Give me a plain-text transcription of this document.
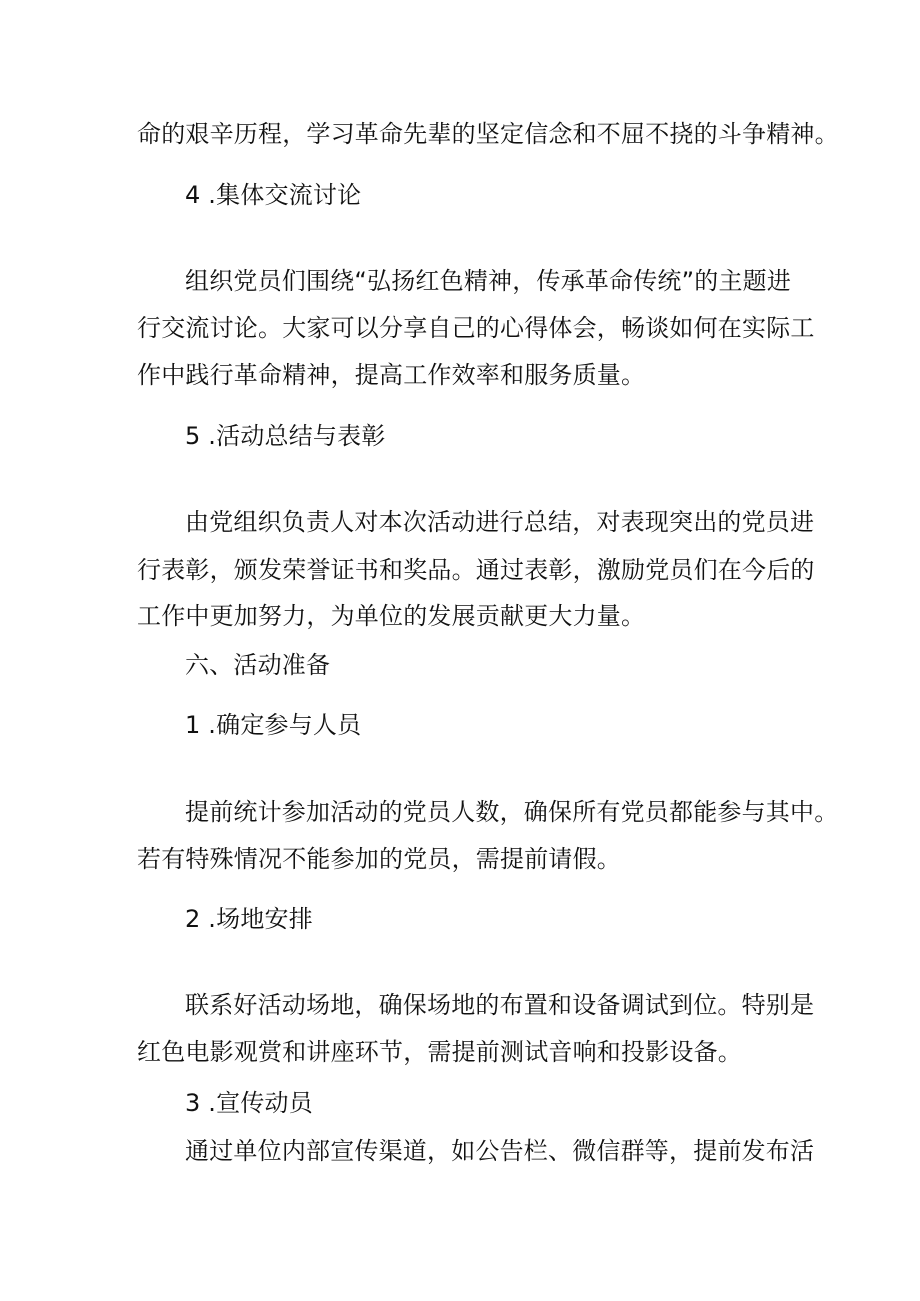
命的艰辛历程，学习革命先辈的坚定信念和不屈不挠的斗争精神。
4 .集体交流讨论
组织党员们围绕“弘扬红色精神，传承革命传统”的主题进
行交流讨论。大家可以分享自己的心得体会，畅谈如何在实际工
作中践行革命精神，提高工作效率和服务质量。
5 .活动总结与表彰
由党组织负责人对本次活动进行总结，对表现突出的党员进
行表彰，颁发荣誉证书和奖品。通过表彰，激励党员们在今后的
工作中更加努力，为单位的发展贡献更大力量。
六、活动准备
1 .确定参与人员
提前统计参加活动的党员人数，确保所有党员都能参与其中。
若有特殊情况不能参加的党员，需提前请假。
2 .场地安排
联系好活动场地，确保场地的布置和设备调试到位。特别是
红色电影观赏和讲座环节，需提前测试音响和投影设备。
3 .宣传动员
通过单位内部宣传渠道，如公告栏、微信群等，提前发布活
